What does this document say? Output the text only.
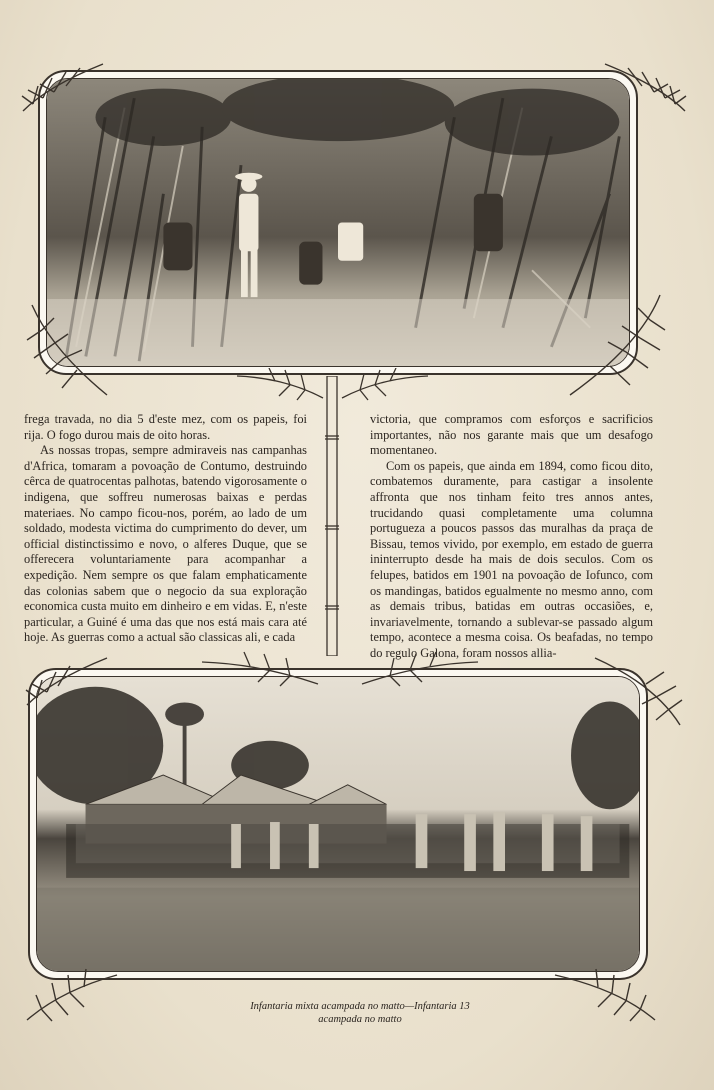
frega travada, no dia 5 d'este mez, com os papeis, foi rija. O fogo durou mais de oito horas.

As nossas tropas, sempre admiraveis nas campanhas d'Africa, tomaram a povoação de Contumo, destruindo cêrca de quatrocentas palhotas, batendo vigorosamente o indigena, que soffreu numerosas baixas e perdas materiaes. No campo ficou-nos, porém, ao lado de um soldado, modesta victima do cumprimento do dever, um official distinctissimo e novo, o alferes Duque, que se offerecera voluntariamente para acompanhar a expedição. Nem sempre os que falam emphaticamente das colonias sabem que o negocio da sua exploração economica custa muito em dinheiro e em vidas. E, n'este particular, a Guiné é uma das que nos está mais cara até hoje. As guerras como a actual são classicas ali, e cada

victoria, que compramos com esforços e sacrificios importantes, não nos garante mais que um desafogo momentaneo.

Com os papeis, que ainda em 1894, como ficou dito, combatemos duramente, para castigar a insolente affronta que nos tinham feito tres annos antes, trucidando quasi completamente uma columna portugueza a poucos passos das muralhas da praça de Bissau, temos vivido, por exemplo, em estado de guerra ininterrupto desde ha mais de dois seculos. Com os felupes, batidos em 1901 na povoação de Iofunco, com os mandingas, batidos egualmente no mesmo anno, com as demais tribus, batidas em outras occasiões, e, invariavelmente, tornando a sublevar-se passado algum tempo, acontece a mesma coisa. Os beafadas, no tempo do regulo Galona, foram nossos allia-

Infantaria mixta acampada no matto—Infantaria 13
acampada no matto
